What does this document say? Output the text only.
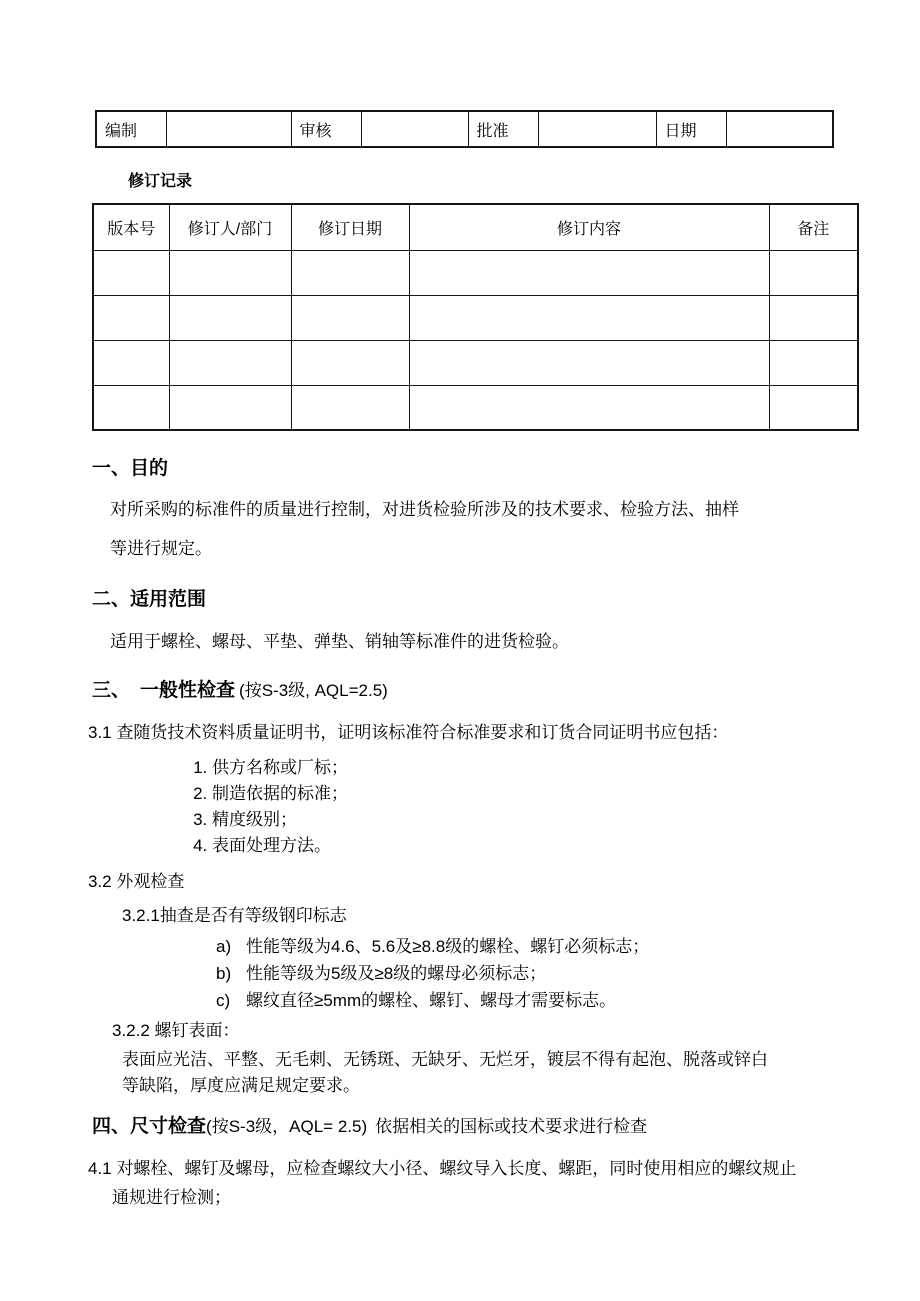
编制		审核		批准		日期	
修订记录
版本号	修订人/部门	修订日期	修订内容	备注

一、目的

对所采购的标准件的质量进行控制，对进货检验所涉及的技术要求、检验方法、抽样等进行规定。

二、适用范围

适用于螺栓、螺母、平垫、弹垫、销轴等标准件的进货检验。

三、 一般性检查 (按S-3级, AQL=2.5)

3.1 查随货技术资料质量证明书，证明该标准符合标准要求和订货合同证明书应包括：

1. 供方名称或厂标；
2. 制造依据的标准；
3. 精度级别；
4. 表面处理方法。

3.2 外观检查

3.2.1抽查是否有等级钢印标志

a) 性能等级为4.6、5.6及≥8.8级的螺栓、螺钉必须标志；
b) 性能等级为5级及≥8级的螺母必须标志；
c) 螺纹直径≥5mm的螺栓、螺钉、螺母才需要标志。

3.2.2 螺钉表面：

表面应光洁、平整、无毛刺、无锈斑、无缺牙、无烂牙，镀层不得有起泡、脱落或锌白等缺陷，厚度应满足规定要求。

四、尺寸检查(按S-3级，AQL= 2.5) 依据相关的国标或技术要求进行检查

4.1 对螺栓、螺钉及螺母，应检查螺纹大小径、螺纹导入长度、螺距，同时使用相应的螺纹规止通规进行检测；
